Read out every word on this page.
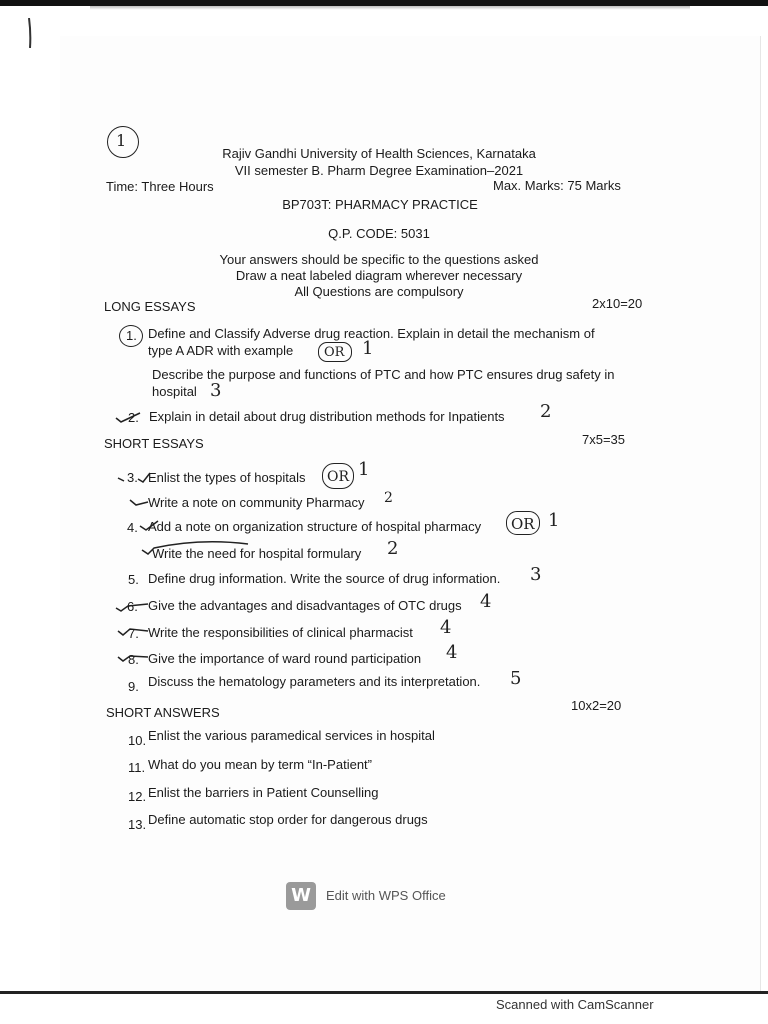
1
Rajiv Gandhi University of Health Sciences, Karnataka
VII semester B. Pharm Degree Examination–2021
Time: Three Hours	Max. Marks: 75 Marks
BP703T: PHARMACY PRACTICE
Q.P. CODE: 5031
Your answers should be specific to the questions asked
Draw a neat labeled diagram wherever necessary
All Questions are compulsory
LONG ESSAYS	2x10=20
1. Define and Classify Adverse drug reaction. Explain in detail the mechanism of
type A ADR with example OR 1
Describe the purpose and functions of PTC and how PTC ensures drug safety in
hospital 3
2. Explain in detail about drug distribution methods for Inpatients 2
SHORT ESSAYS	7x5=35
3. Enlist the types of hospitals OR 1
Write a note on community Pharmacy 2
4. Add a note on organization structure of hospital pharmacy OR 1
Write the need for hospital formulary 2
5. Define drug information. Write the source of drug information. 3
6. Give the advantages and disadvantages of OTC drugs 4
7. Write the responsibilities of clinical pharmacist 4
8. Give the importance of ward round participation 4
9. Discuss the hematology parameters and its interpretation. 5
SHORT ANSWERS	10x2=20
10. Enlist the various paramedical services in hospital
11. What do you mean by term “In-Patient”
12. Enlist the barriers in Patient Counselling
13. Define automatic stop order for dangerous drugs
W	Edit with WPS Office
Scanned with CamScanner
